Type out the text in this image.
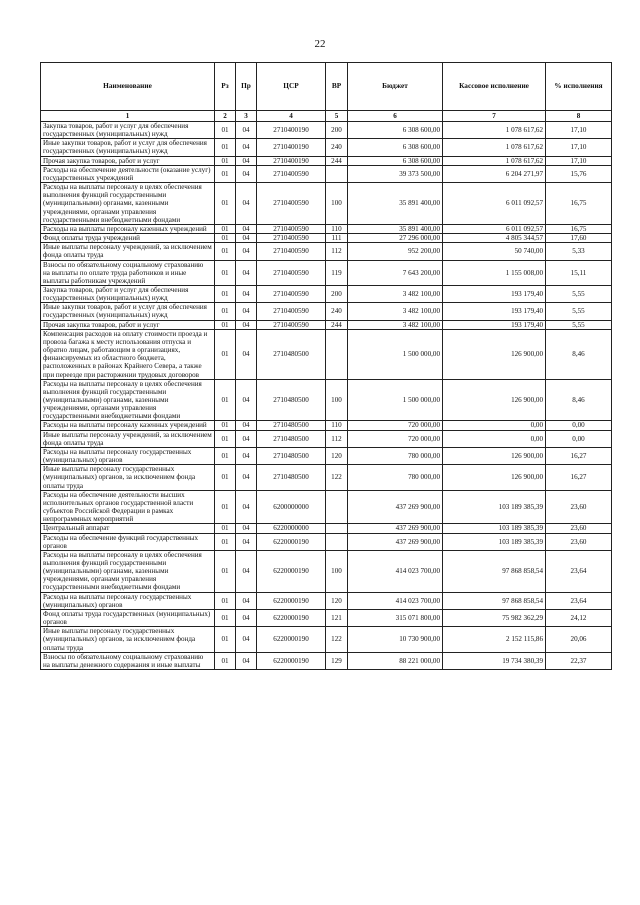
22
Наименование	Рз	Пр	ЦСР	ВР	Бюджет	Кассовое исполнение	% исполнения
1	2	3	4	5	6	7	8
Закупка товаров, работ и услуг для обеспечения государственных (муниципальных) нужд	01	04	2710400190	200	6 308 600,00	1 078 617,62	17,10
Иные закупки товаров, работ и услуг для обеспечения государственных (муниципальных) нужд	01	04	2710400190	240	6 308 600,00	1 078 617,62	17,10
Прочая закупка товаров, работ и услуг	01	04	2710400190	244	6 308 600,00	1 078 617,62	17,10
Расходы на обеспечение деятельности (оказание услуг) государственных учреждений	01	04	2710400590		39 373 500,00	6 204 271,97	15,76
Расходы на выплаты персоналу в целях обеспечения выполнения функций государственными (муниципальными) органами, казенными учреждениями, органами управления государственными внебюджетными фондами	01	04	2710400590	100	35 891 400,00	6 011 092,57	16,75
Расходы на выплаты персоналу казенных учреждений	01	04	2710400590	110	35 891 400,00	6 011 092,57	16,75
Фонд оплаты труда учреждений	01	04	2710400590	111	27 296 000,00	4 805 344,57	17,60
Иные выплаты персоналу учреждений, за исключением фонда оплаты труда	01	04	2710400590	112	952 200,00	50 740,00	5,33
Взносы по обязательному социальному страхованию на выплаты по оплате труда работников и иные выплаты работникам учреждений	01	04	2710400590	119	7 643 200,00	1 155 008,00	15,11
Закупка товаров, работ и услуг для обеспечения государственных (муниципальных) нужд	01	04	2710400590	200	3 482 100,00	193 179,40	5,55
Иные закупки товаров, работ и услуг для обеспечения государственных (муниципальных) нужд	01	04	2710400590	240	3 482 100,00	193 179,40	5,55
Прочая закупка товаров, работ и услуг	01	04	2710400590	244	3 482 100,00	193 179,40	5,55
Компенсация расходов на оплату стоимости проезда и провоза багажа к месту использования отпуска и обратно лицам, работающим в организациях, финансируемых из областного бюджета, расположенных в районах Крайнего Севера, а также при переезде при расторжении трудовых договоров	01	04	2710480500		1 500 000,00	126 900,00	8,46
Расходы на выплаты персоналу в целях обеспечения выполнения функций государственными (муниципальными) органами, казенными учреждениями, органами управления государственными внебюджетными фондами	01	04	2710480500	100	1 500 000,00	126 900,00	8,46
Расходы на выплаты персоналу казенных учреждений	01	04	2710480500	110	720 000,00	0,00	0,00
Иные выплаты персоналу учреждений, за исключением фонда оплаты труда	01	04	2710480500	112	720 000,00	0,00	0,00
Расходы на выплаты персоналу государственных (муниципальных) органов	01	04	2710480500	120	780 000,00	126 900,00	16,27
Иные выплаты персоналу государственных (муниципальных) органов, за исключением фонда оплаты труда	01	04	2710480500	122	780 000,00	126 900,00	16,27
Расходы на обеспечение деятельности высших исполнительных органов государственной власти субъектов Российской Федерации в рамках непрограммных мероприятий	01	04	6200000000		437 269 900,00	103 189 385,39	23,60
Центральный аппарат	01	04	6220000000		437 269 900,00	103 189 385,39	23,60
Расходы на обеспечение функций государственных органов	01	04	6220000190		437 269 900,00	103 189 385,39	23,60
Расходы на выплаты персоналу в целях обеспечения выполнения функций государственными (муниципальными) органами, казенными учреждениями, органами управления государственными внебюджетными фондами	01	04	6220000190	100	414 023 700,00	97 868 858,54	23,64
Расходы на выплаты персоналу государственных (муниципальных) органов	01	04	6220000190	120	414 023 700,00	97 868 858,54	23,64
Фонд оплаты труда государственных (муниципальных) органов	01	04	6220000190	121	315 071 800,00	75 982 362,29	24,12
Иные выплаты персоналу государственных (муниципальных) органов, за исключением фонда оплаты труда	01	04	6220000190	122	10 730 900,00	2 152 115,86	20,06
Взносы по обязательному социальному страхованию на выплаты денежного содержания и иные выплаты	01	04	6220000190	129	88 221 000,00	19 734 380,39	22,37
